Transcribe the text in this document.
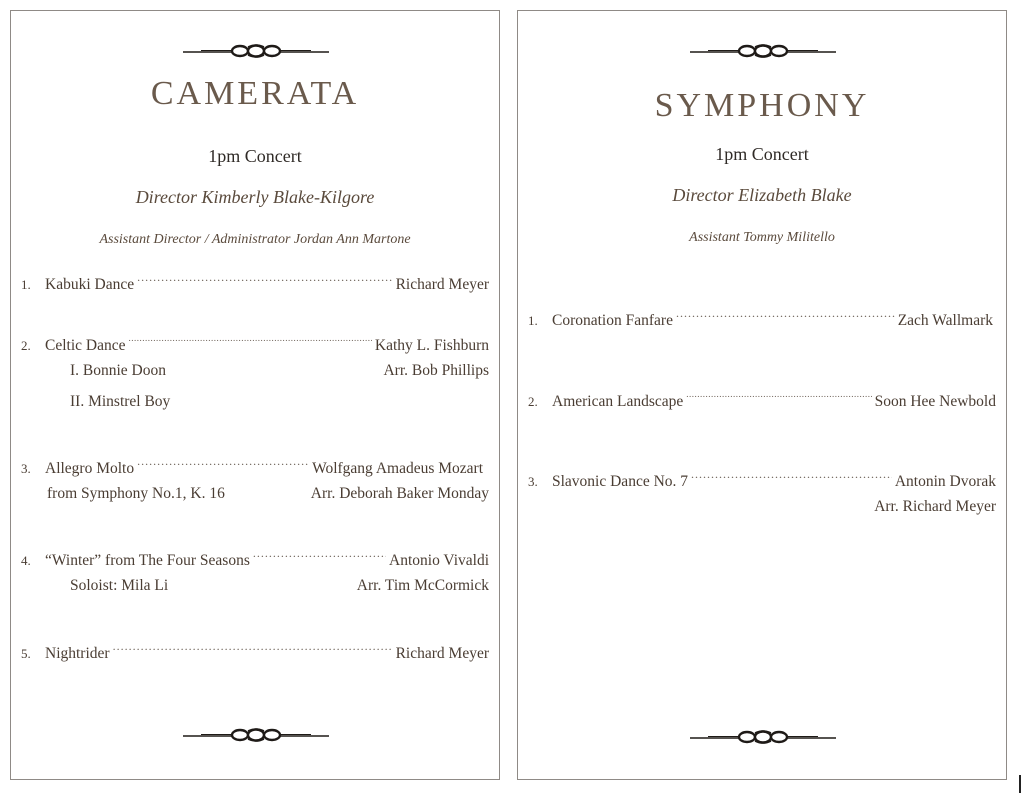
CAMERATA
1pm Concert
Director Kimberly Blake-Kilgore
Assistant Director / Administrator Jordan Ann Martone
1. Kabuki Dance .....	Richard Meyer
2. Celtic Dance .....	Kathy L. Fishburn
I. Bonnie Doon	Arr. Bob Phillips
II. Minstrel Boy
3. Allegro Molto .....	Wolfgang Amadeus Mozart
from Symphony No.1, K. 16	Arr. Deborah Baker Monday
4. “Winter” from The Four Seasons .....	Antonio Vivaldi
Soloist: Mila Li	Arr. Tim McCormick
5. Nightrider .....	Richard Meyer
SYMPHONY
1pm Concert
Director Elizabeth Blake
Assistant Tommy Militello
1. Coronation Fanfare .....	Zach Wallmark
2. American Landscape .....	Soon Hee Newbold
3. Slavonic Dance No. 7 .....	Antonin Dvorak
Arr. Richard Meyer
